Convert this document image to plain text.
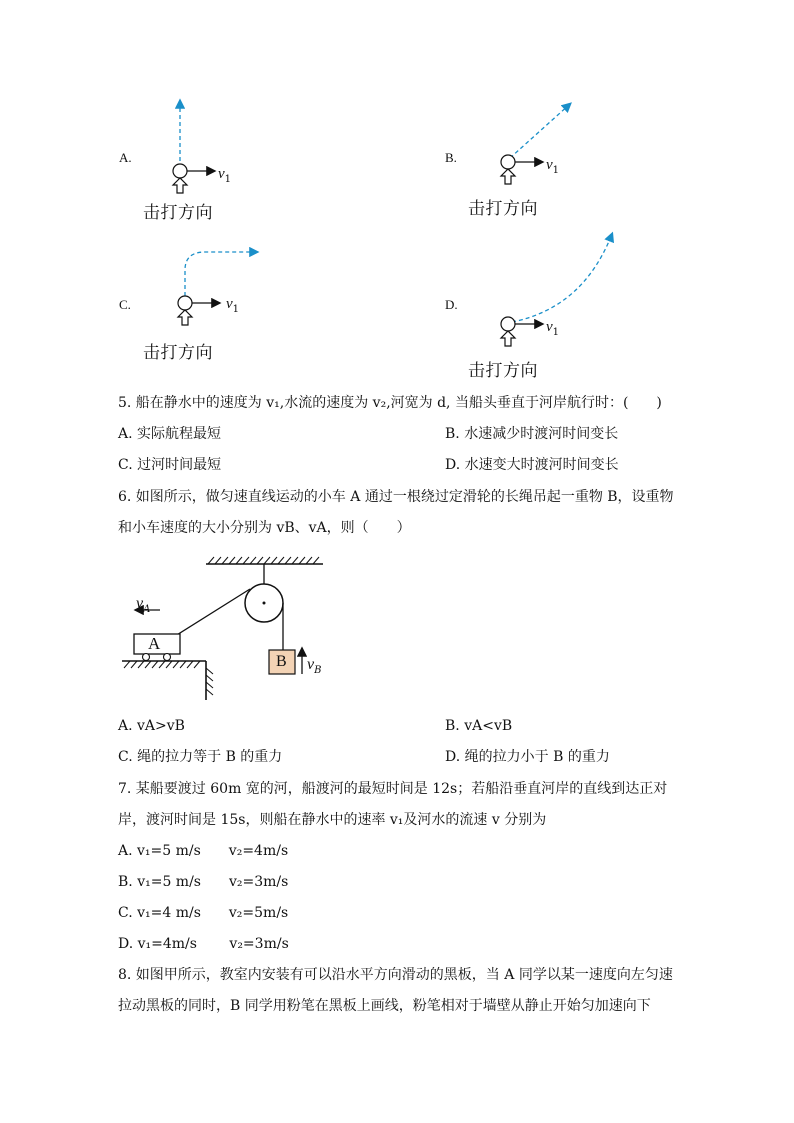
A.
$v_1$
击打方向
B.	$v_1$
击打方向
C.	$v_1$
击打方向
D.
$v_1$
击打方向
5. 船在静水中的速度为 v₁,水流的速度为 v₂,河宽为 d, 当船头垂直于河岸航行时：(　　)
A. 实际航程最短	B. 水速减少时渡河时间变长
C. 过河时间最短	D. 水速变大时渡河时间变长
6. 如图所示，做匀速直线运动的小车 A 通过一根绕过定滑轮的长绳吊起一重物 B，设重物
和小车速度的大小分别为 vB、vA，则（　　）
A
B
$v_A$
$v_B$
A. vA>vB	B. vA<vB
C. 绳的拉力等于 B 的重力	D. 绳的拉力小于 B 的重力
7. 某船要渡过 60m 宽的河，船渡河的最短时间是 12s；若船沿垂直河岸的直线到达正对
岸，渡河时间是 15s，则船在静水中的速率 v₁及河水的流速 v 分别为
A. v₁=5 m/s　　v₂=4m/s
B. v₁=5 m/s　　v₂=3m/s
C. v₁=4 m/s　　v₂=5m/s
D. v₁=4m/s　　 v₂=3m/s
8. 如图甲所示，教室内安装有可以沿水平方向滑动的黑板，当 A 同学以某一速度向左匀速
拉动黑板的同时，B 同学用粉笔在黑板上画线，粉笔相对于墙壁从静止开始匀加速向下
